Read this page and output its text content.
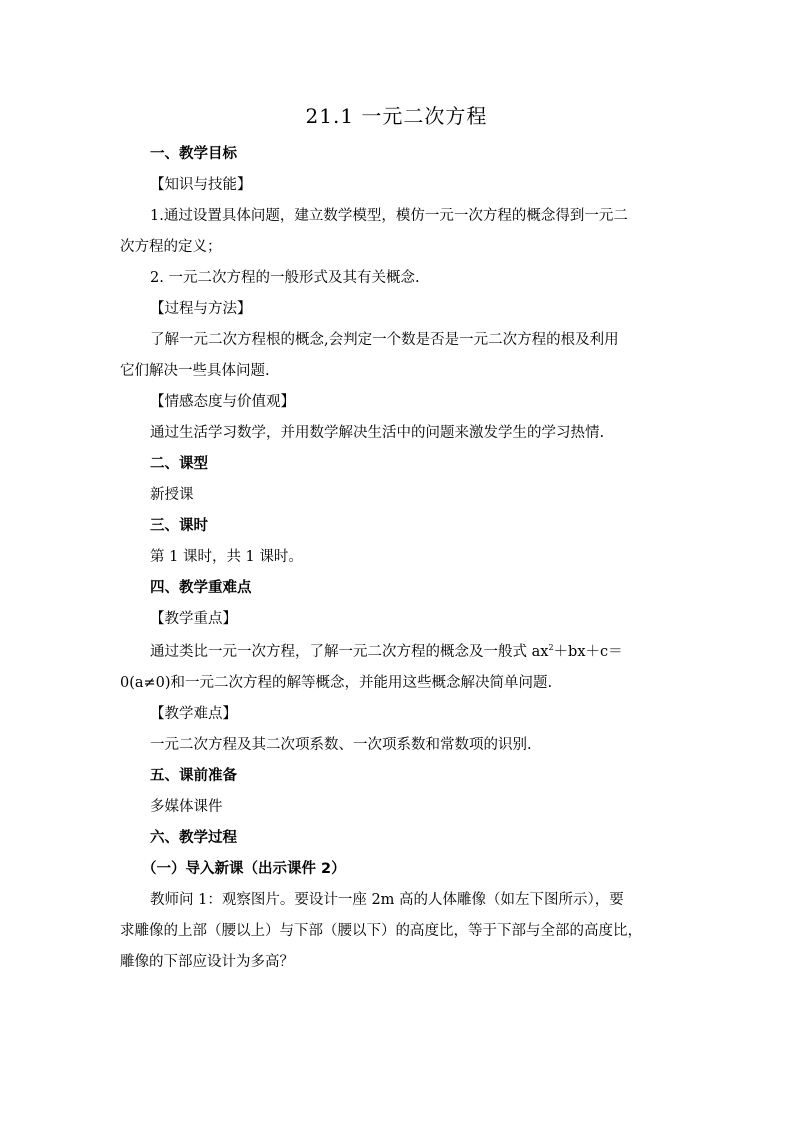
21.1 一元二次方程
一、教学目标
【知识与技能】
1.通过设置具体问题，建立数学模型，模仿一元一次方程的概念得到一元二
次方程的定义；
2. 一元二次方程的一般形式及其有关概念.
【过程与方法】
了解一元二次方程根的概念,会判定一个数是否是一元二次方程的根及利用
它们解决一些具体问题.
【情感态度与价值观】
通过生活学习数学，并用数学解决生活中的问题来激发学生的学习热情.
二、课型
新授课
三、课时
第 1 课时，共 1 课时。
四、教学重难点
【教学重点】
通过类比一元一次方程，了解一元二次方程的概念及一般式 $ax^2+bx+c=$
0(a≠0)和一元二次方程的解等概念，并能用这些概念解决简单问题.
【教学难点】
一元二次方程及其二次项系数、一次项系数和常数项的识别.
五、课前准备
多媒体课件
六、教学过程
（一）导入新课（出示课件 2）
教师问 1：观察图片。要设计一座 2m 高的人体雕像（如左下图所示），要
求雕像的上部（腰以上）与下部（腰以下）的高度比，等于下部与全部的高度比，
雕像的下部应设计为多高？
